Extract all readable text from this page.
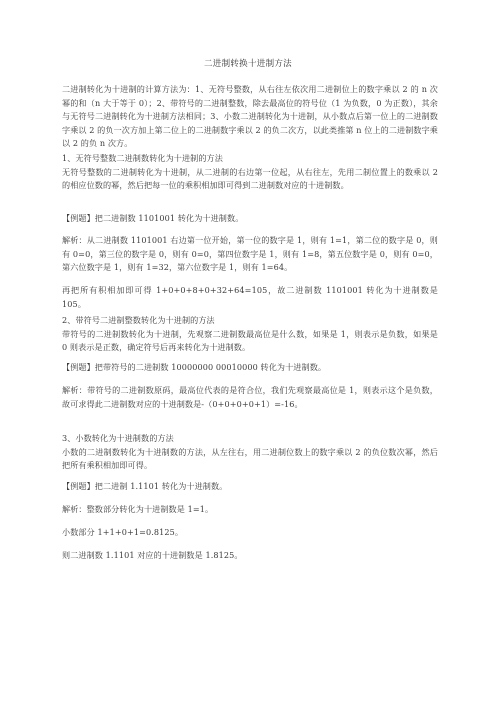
二进制转换十进制方法

二进制转化为十进制的计算方法为：1、无符号整数，从右往左依次用二进制位上的数字乘以 2 的 n 次幂的和（n 大于等于 0）；2、带符号的二进制整数，除去最高位的符号位（1 为负数，0 为正数），其余与无符号二进制转化为十进制方法相同；3、小数二进制转化为十进制，从小数点后第一位上的二进制数字乘以 2 的负一次方加上第二位上的二进制数字乘以 2 的负二次方，以此类推第 n 位上的二进制数字乘以 2 的负 n 次方。

1、无符号整数二进制数转化为十进制的方法

无符号整数的二进制转化为十进制，从二进制的右边第一位起，从右往左，先用二制位置上的数乘以 2 的相应位数的幂，然后把每一位的乘积相加即可得到二进制数对应的十进制数。

【例题】把二进制数 1101001 转化为十进制数。
解析：从二进制数 1101001 右边第一位开始，第一位的数字是 1，则有 1=1，第二位的数字是 0，则有 0=0，第三位的数字是 0，则有 0=0，第四位数字是 1，则有 1=8，第五位数字是 0，则有 0=0，第六位数字是 1，则有 1=32，第六位数字是 1，则有 1=64。
再把所有积相加即可得 1+0+0+8+0+32+64=105，故二进制数 1101001 转化为十进制数是 105。

2、带符号二进制整数转化为十进制的方法

带符号的二进制数转化为十进制，先观察二进制数最高位是什么数，如果是 1，则表示是负数，如果是 0 则表示是正数，确定符号后再来转化为十进制数。

【例题】把带符号的二进制数 10000000 00010000 转化为十进制数。
解析：带符号的二进制数原码，最高位代表的是符合位，我们先观察最高位是 1，则表示这个是负数，故可求得此二进制数对应的十进制数是-（0+0+0+0+1）=-16。

3、小数转化为十进制数的方法

小数的二进制数转化为十进制数的方法，从左往右，用二进制位数上的数字乘以 2 的负位数次幂，然后把所有乘积相加即可得。

【例题】把二进制 1.1101 转化为十进制数。
解析：整数部分转化为十进制数是 1=1。
小数部分 1+1+0+1=0.8125。
则二进制数 1.1101 对应的十进制数是 1.8125。
